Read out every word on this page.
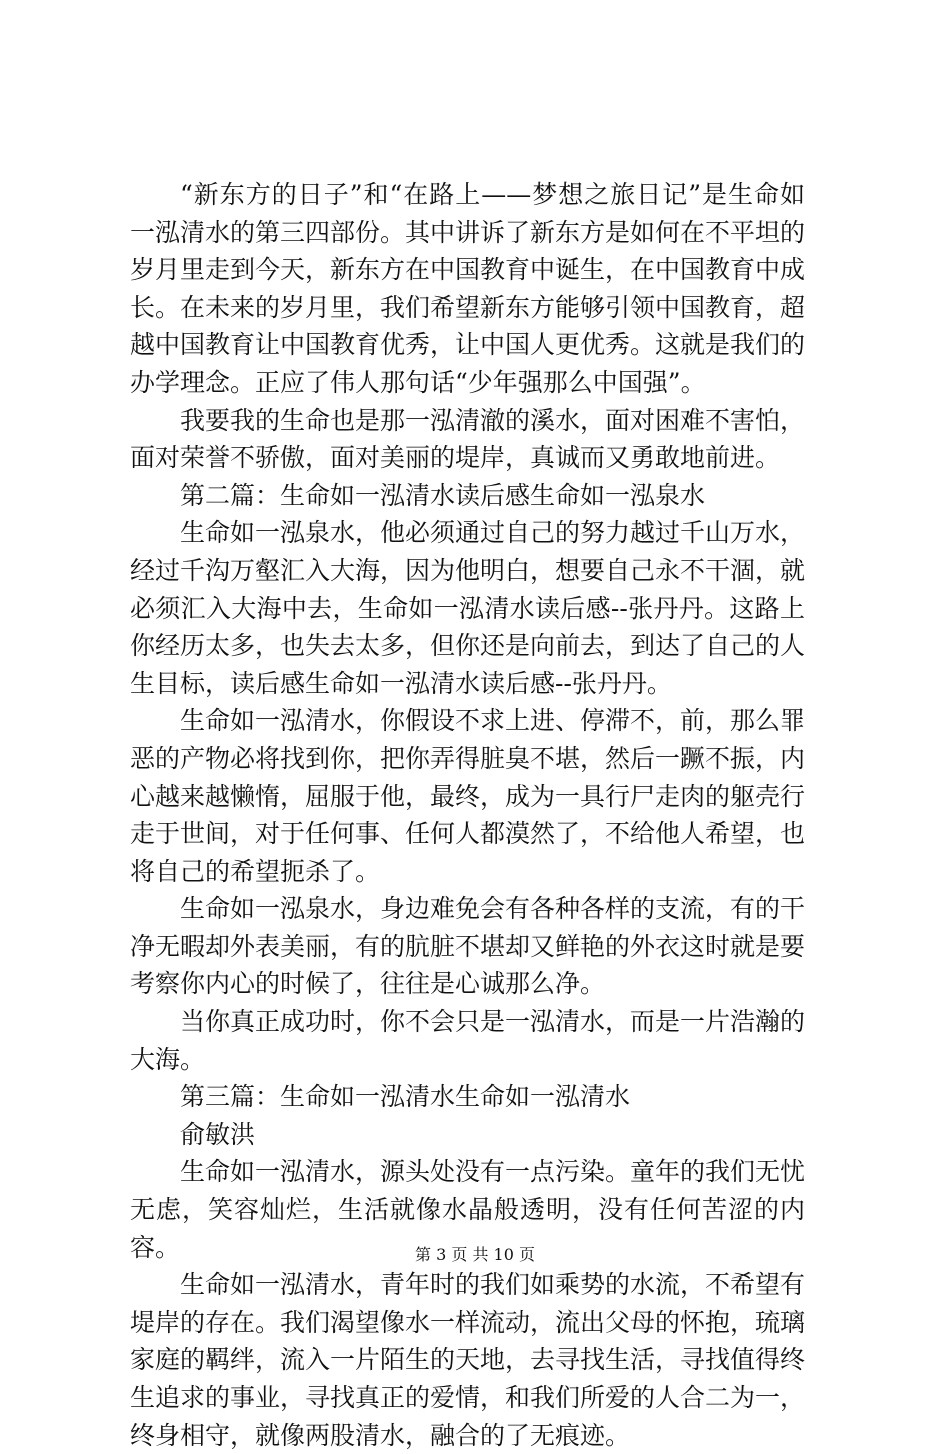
“新东方的日子”和“在路上——梦想之旅日记”是生命如一泓清水的第三四部份。其中讲诉了新东方是如何在不平坦的岁月里走到今天，新东方在中国教育中诞生，在中国教育中成长。在未来的岁月里，我们希望新东方能够引领中国教育，超越中国教育让中国教育优秀，让中国人更优秀。这就是我们的办学理念。正应了伟人那句话“少年强那么中国强”。

我要我的生命也是那一泓清澈的溪水，面对困难不害怕，面对荣誉不骄傲，面对美丽的堤岸，真诚而又勇敢地前进。

第二篇：生命如一泓清水读后感生命如一泓泉水

生命如一泓泉水，他必须通过自己的努力越过千山万水，经过千沟万壑汇入大海，因为他明白，想要自己永不干涸，就必须汇入大海中去，生命如一泓清水读后感--张丹丹。这路上你经历太多，也失去太多，但你还是向前去，到达了自己的人生目标，读后感生命如一泓清水读后感--张丹丹。

生命如一泓清水，你假设不求上进、停滞不，前，那么罪恶的产物必将找到你，把你弄得脏臭不堪，然后一蹶不振，内心越来越懒惰，屈服于他，最终，成为一具行尸走肉的躯壳行走于世间，对于任何事、任何人都漠然了，不给他人希望，也将自己的希望扼杀了。

生命如一泓泉水，身边难免会有各种各样的支流，有的干净无暇却外表美丽，有的肮脏不堪却又鲜艳的外衣这时就是要考察你内心的时候了，往往是心诚那么净。

当你真正成功时，你不会只是一泓清水，而是一片浩瀚的大海。

第三篇：生命如一泓清水生命如一泓清水

俞敏洪

生命如一泓清水，源头处没有一点污染。童年的我们无忧无虑，笑容灿烂，生活就像水晶般透明，没有任何苦涩的内容。

生命如一泓清水，青年时的我们如乘势的水流，不希望有堤岸的存在。我们渴望像水一样流动，流出父母的怀抱，琉璃家庭的羁绊，流入一片陌生的天地，去寻找生活，寻找值得终生追求的事业，寻找真正的爱情，和我们所爱的人合二为一，终身相守，就像两股清水，融合的了无痕迹。

第 3 页 共 10 页
